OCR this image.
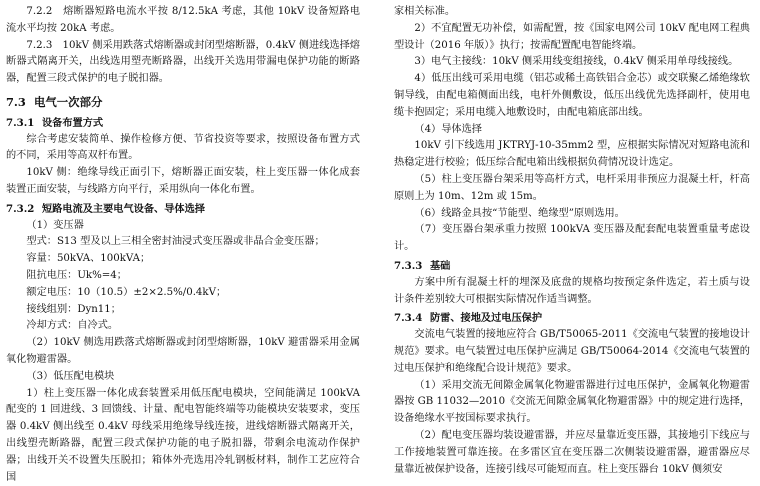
7.2.2　熔断器短路电流水平按 8/12.5kA 考虑，其他 10kV 设备短路电流水平均按 20kA 考虑。

7.2.3　10kV 侧采用跌落式熔断器或封闭型熔断器，0.4kV 侧进线选择熔断器式隔离开关，出线选用塑壳断路器，出线开关选用带漏电保护功能的断路器，配置三段式保护的电子脱扣器。

7.3 电气一次部分

7.3.1 设备布置方式

综合考虑安装简单、操作检修方便、节省投资等要求，按照设备布置方式的不同，采用等高双杆布置。

10kV 侧：绝缘导线正面引下，熔断器正面安装，柱上变压器一体化成套装置正面安装，与线路方向平行，采用纵向一体化布置。

7.3.2 短路电流及主要电气设备、导体选择

（1）变压器

型式：S13 型及以上三相全密封油浸式变压器或非晶合金变压器；

容量：50kVA、100kVA；

阻抗电压：Uk%=4；

额定电压：10（10.5）±2×2.5%/0.4kV；

接线组别：Dyn11；

冷却方式：自冷式。

（2）10kV 侧选用跌落式熔断器或封闭型熔断器，10kV 避雷器采用金属氧化物避雷器。

（3）低压配电模块

1）柱上变压器一体化成套装置采用低压配电模块，空间能满足 100kVA 配变的 1 回进线、3 回馈线、计量、配电智能终端等功能模块安装要求，变压器 0.4kV 侧出线至 0.4kV 母线采用绝缘导线连接，进线熔断器式隔离开关，出线塑壳断路器，配置三段式保护功能的电子脱扣器，带剩余电流动作保护器；出线开关不设置失压脱扣；箱体外壳选用冷轧钢板材料，制作工艺应符合国

家相关标准。

2）不宜配置无功补偿，如需配置，按《国家电网公司 10kV 配电网工程典型设计（2016 年版）》执行；按需配置配电智能终端。

3）电气主接线：10kV 侧采用线变组接线，0.4kV 侧采用单母线接线。

4）低压出线可采用电缆（铝芯或稀土高铁铝合金芯）或交联聚乙烯绝缘软铜导线，由配电箱侧面出线，电杆外侧敷设，低压出线优先选择副杆，使用电缆卡抱固定；采用电缆入地敷设时，由配电箱底部出线。

（4）导体选择

10kV 引下线选用 JKTRYJ-10-35mm2 型，应根据实际情况对短路电流和热稳定进行校验；低压综合配电箱出线根据负荷情况设计选定。

（5）柱上变压器台架采用等高杆方式，电杆采用非预应力混凝土杆，杆高原则上为 10m、12m 或 15m。

（6）线路金具按“节能型、绝缘型”原则选用。

（7）变压器台架承重力按照 100kVA 变压器及配套配电装置重量考虑设计。

7.3.3 基础

方案中所有混凝土杆的埋深及底盘的规格均按预定条件选定，若土质与设计条件差别较大可根据实际情况作适当调整。

7.3.4 防雷、接地及过电压保护

交流电气装置的接地应符合 GB/T50065-2011《交流电气装置的接地设计规范》要求。电气装置过电压保护应满足 GB/T50064-2014《交流电气装置的过电压保护和绝缘配合设计规范》要求。

（1）采用交流无间隙金属氧化物避雷器进行过电压保护，金属氧化物避雷器按 GB 11032—2010《交流无间隙金属氧化物避雷器》中的规定进行选择，设备绝缘水平按国标要求执行。

（2）配电变压器均装设避雷器，并应尽量靠近变压器，其接地引下线应与工作接地装置可靠连接。在多雷区宜在变压器二次侧装设避雷器，避雷器应尽量靠近被保护设备，连接引线尽可能短而直。柱上变压器台 10kV 侧须安
